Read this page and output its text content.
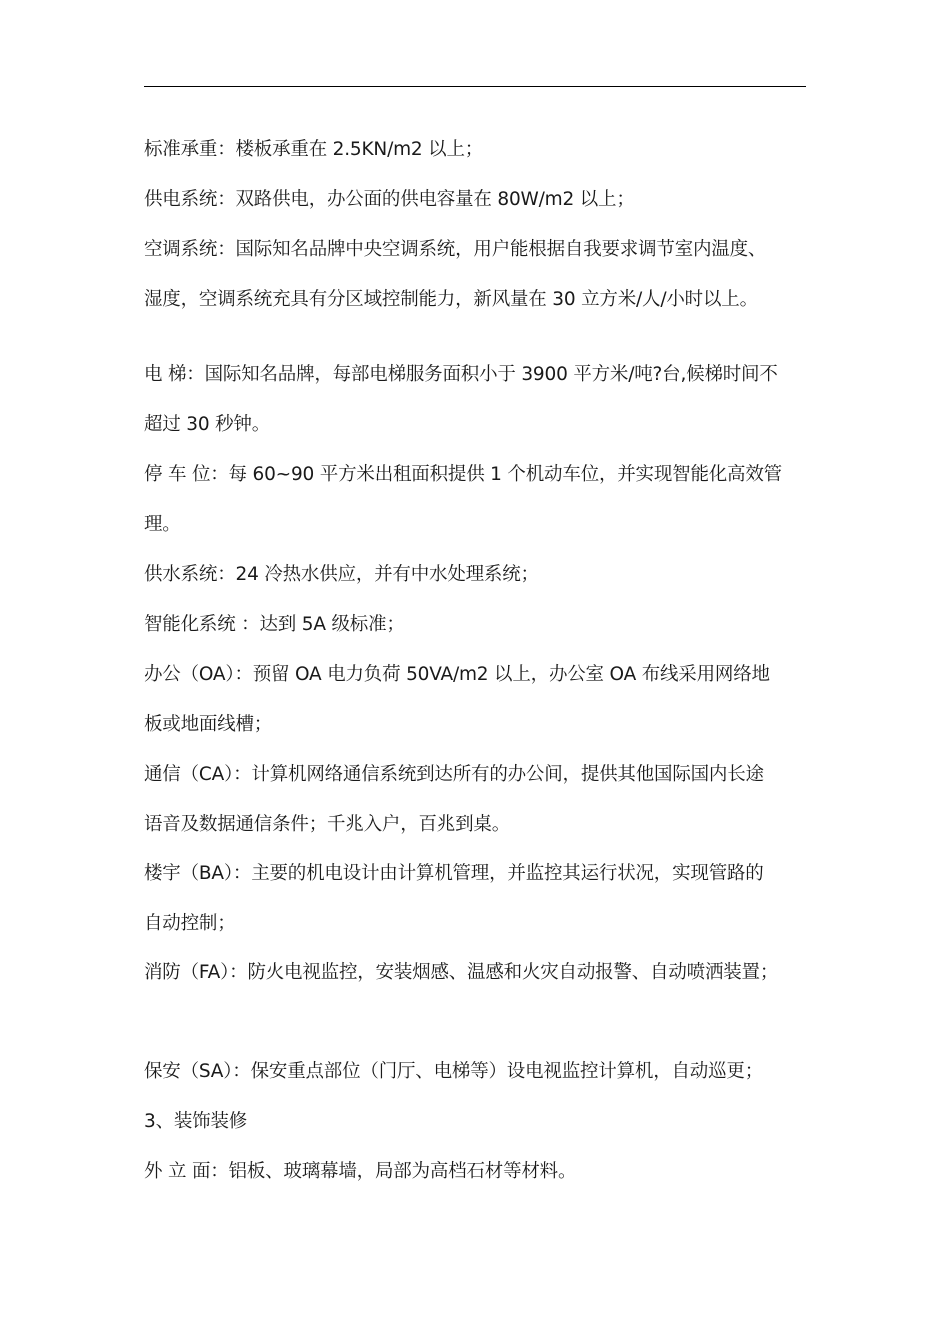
标准承重：楼板承重在 2.5KN/m2 以上；
供电系统：双路供电，办公面的供电容量在 80W/m2 以上；
空调系统：国际知名品牌中央空调系统，用户能根据自我要求调节室内温度、
湿度，空调系统充具有分区域控制能力，新风量在 30 立方米/人/小时以上。
电 梯：国际知名品牌，每部电梯服务面积小于 3900 平方米/吨?台,候梯时间不
超过 30 秒钟。
停 车 位：每 60~90 平方米出租面积提供 1 个机动车位，并实现智能化高效管
理。
供水系统：24 冷热水供应，并有中水处理系统；
智能化系统 ：达到 5A 级标准；
办公（OA）：预留 OA 电力负荷 50VA/m2 以上，办公室 OA 布线采用网络地
板或地面线槽；
通信（CA）：计算机网络通信系统到达所有的办公间，提供其他国际国内长途
语音及数据通信条件；千兆入户，百兆到桌。
楼宇（BA）：主要的机电设计由计算机管理，并监控其运行状况，实现管路的
自动控制；
消防（FA）：防火电视监控，安装烟感、温感和火灾自动报警、自动喷洒装置；
保安（SA）：保安重点部位（门厅、电梯等）设电视监控计算机，自动巡更；
3、装饰装修
外 立 面：铝板、玻璃幕墙，局部为高档石材等材料。
